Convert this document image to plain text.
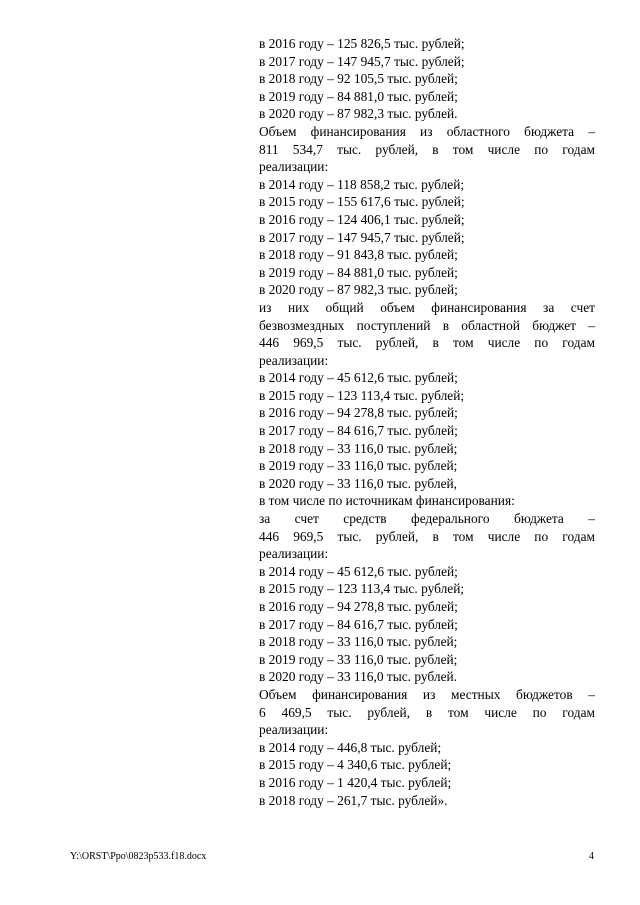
в 2016 году – 125 826,5 тыс. рублей;
в 2017 году – 147 945,7 тыс. рублей;
в 2018 году – 92 105,5 тыс. рублей;
в 2019 году – 84 881,0 тыс. рублей;
в 2020 году – 87 982,3 тыс. рублей.
Объем финансирования из областного бюджета –
811 534,7 тыс. рублей, в том числе по годам
реализации:
в 2014 году – 118 858,2 тыс. рублей;
в 2015 году – 155 617,6 тыс. рублей;
в 2016 году – 124 406,1 тыс. рублей;
в 2017 году – 147 945,7 тыс. рублей;
в 2018 году – 91 843,8 тыс. рублей;
в 2019 году – 84 881,0 тыс. рублей;
в 2020 году – 87 982,3 тыс. рублей;
из них общий объем финансирования за счет
безвозмездных поступлений в областной бюджет –
446 969,5 тыс. рублей, в том числе по годам
реализации:
в 2014 году – 45 612,6 тыс. рублей;
в 2015 году – 123 113,4 тыс. рублей;
в 2016 году – 94 278,8 тыс. рублей;
в 2017 году – 84 616,7 тыс. рублей;
в 2018 году – 33 116,0 тыс. рублей;
в 2019 году – 33 116,0 тыс. рублей;
в 2020 году – 33 116,0 тыс. рублей,
в том числе по источникам финансирования:
за счет средств федерального бюджета –
446 969,5 тыс. рублей, в том числе по годам
реализации:
в 2014 году – 45 612,6 тыс. рублей;
в 2015 году – 123 113,4 тыс. рублей;
в 2016 году – 94 278,8 тыс. рублей;
в 2017 году – 84 616,7 тыс. рублей;
в 2018 году – 33 116,0 тыс. рублей;
в 2019 году – 33 116,0 тыс. рублей;
в 2020 году – 33 116,0 тыс. рублей.
Объем финансирования из местных бюджетов –
6 469,5 тыс. рублей, в том числе по годам
реализации:
в 2014 году – 446,8 тыс. рублей;
в 2015 году – 4 340,6 тыс. рублей;
в 2016 году – 1 420,4 тыс. рублей;
в 2018 году – 261,7 тыс. рублей».
Y:\ORST\Ppo\0823p533.f18.docx	4
